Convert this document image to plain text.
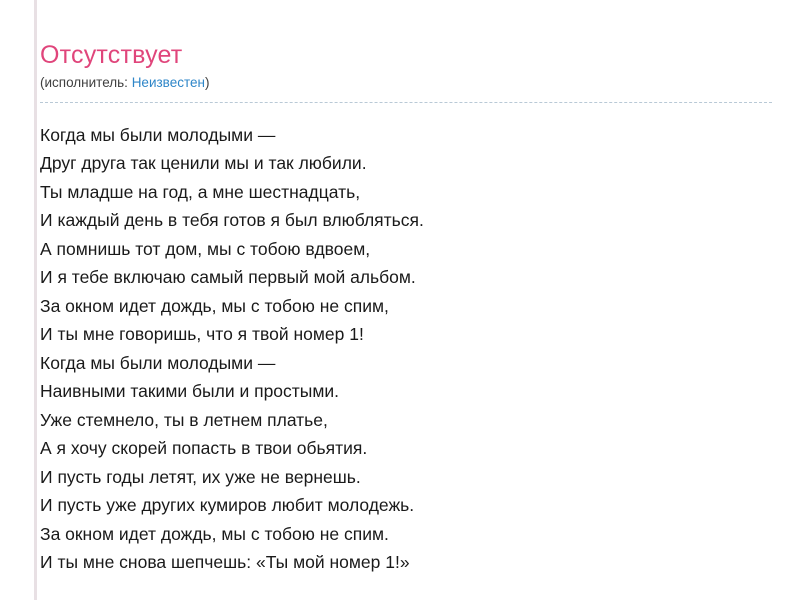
Отсутствует

(исполнитель: Неизвестен)

Когда мы были молодыми —
Друг друга так ценили мы и так любили.
Ты младше на год, а мне шестнадцать,
И каждый день в тебя готов я был влюбляться.
А помнишь тот дом, мы с тобою вдвоем,
И я тебе включаю самый первый мой альбом.
За окном идет дождь, мы с тобою не спим,
И ты мне говоришь, что я твой номер 1!
Когда мы были молодыми —
Наивными такими были и простыми.
Уже стемнело, ты в летнем платье,
А я хочу скорей попасть в твои обьятия.
И пусть годы летят, их уже не вернешь.
И пусть уже других кумиров любит молодежь.
За окном идет дождь, мы с тобою не спим.
И ты мне снова шепчешь: «Ты мой номер 1!»
